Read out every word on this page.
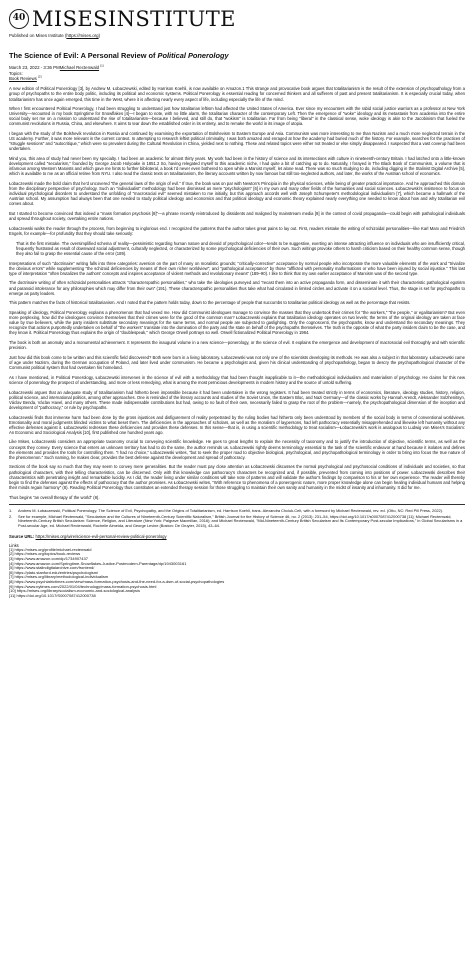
40 MISESINSTITUTE
Published on Mises Institute (https://mises.org)
The Science of Evil: A Personal Review of Political Ponerology
March 23, 2022 - 3:36 PMMichael Rectenwald [1]
Topics:
Book Reviews [2]

A new edition of Political Ponerology [3], by Andrew M. Łobaczewski, edited by Harrison Koehli, is now available on Amazon.1 This strange and provocative book argues that totalitarianism is the result of the extension of psychopathology from a group of psychopaths to the entire body politic, including its political and economic systems. Political Ponerology is essential reading for concerned thinkers and all sufferers of past and present totalitarianism. It is especially crucial today, when totalitarianism has once again emerged, this time in the West, where it is affecting nearly every aspect of life, including especially the life of the mind.

When I first encountered Political Ponerology, I had been struggling to understand just how totalitarian leftism had affected the United States of America. Ever since my encounters with the rabid social justice warriors as a professor at New York University—recounted in my book Springtime for Snowflakes [4]—I began to note, with no little alarm, the totalitarian character of the contemporary Left. Then the emergence of "woke" ideology and its metastasis from academia into the entire social body set me on a mission to understand the rise of totalitarianism—because I believed, and still do, that "wokism" is totalitarian. Far from being "liberal" in the classical sense, woke ideology is akin to the Jacobinism that fueled the communist revolutions in Russia, China, and elsewhere. It aims to tear down the established order in its entirety, and to remake the world in its image of utopia.

I began with the study of the Bolshevik revolution in Russia and continued by examining the exportation of Bolshevism to Eastern Europe and Asia. Communism was more interesting to me than Nazism and a much more neglected terrain in the US academy. Further, it was more relevant in the current context. In attempting to research leftist political criminality, I was both amazed and enraged at how the academy had buried much of the history. For example, searches for the practices of "struggle sessions" and "autocritique," which were so prevalent during the Cultural Revolution in China, yielded next to nothing. These and related topics were either not treated or else simply disappeared. I suspected that a vast coverup had been undertaken.

Mind you, this area of study had never been my specialty. I had been an academic for almost thirty years. My work had been in the history of science and its intersections with culture in nineteenth-century Britain. I had latched onto a little-known development called "secularism," founded by George Jacob Holyoake in 1851.2 So, having relegated myself to this academic niche, I had quite a bit of catching up to do. Naturally, I forayed in The Black Book of Communism, a volume that is infamous among Western Marxists and which gave me hints to further biblioteral, a book I'd never even bothered to open while a Marxist myself, let alone read. There was so much studying to do, including digging in the Stalinist Digital Archive [5], which is available to me as an official retiree from NYU. I also read the classic texts on totalitarianism, the literary accounts written by now famous but still too-neglected authors, and later, the works of the Austrian school of economics.

Łobaczewski made the bold claim that he'd uncovered "the general laws of the origin of evil." If true, the book was on par with Newton's Principia in the physical sciences, while being of greater practical importance. And he approached this domain from the disciplinary perspective of psychology. Such an "individualist" methodology had been dismissed as mere "psychologism" [6] in my own and many other fields of the humanities and social sciences. Łobaczewski's insistence to focus on individual psychological disorders to understand the unfolding of "macrosocial evil" seemed mistaken to me initially, but this approach accords well with Joseph Schumpeter's methodological individualism [7], which became a hallmark of the Austrian school. My assumption had always been that one needed to study political ideology and economics and that political ideology and economic theory explained nearly everything one needed to know about how and why totalitarian evil comes about.

But I started to become convinced that indeed a "mass formation psychosis [8]"—a phrase recently reintroduced by dissidents and maligned by mainstream media [9] in the context of covid propaganda—could begin with pathological individuals and spread throughout society, overtaking entire nations.

Łobaczewski walks the reader through the process, from beginning to inglorious end. I recognized the patterns that the author takes great pains to lay out. First, readers mistake the writing of schizoidal personalities—like Karl Marx and Friedrich Engels, for example—for profundity that they should take seriously:

That is the first mistake. The oversimplified schema of reality—pessimistic regarding human nature and devoid of psychological color—tends to be suggestive, exerting an intense attracting influence on individuals who are insufficiently critical, frequently frustrated as result of downward social adjustment, culturally neglected, or characterized by some psychological deficiencies of their own. Such writings provoke others to harsh criticism based on their healthy common sense, though they also fail to grasp the essential cause of the error (189).

Interpretations of such "doctrinaire" writing falls into three categories: aversion on the part of many on moralistic grounds; "critically-corrective" acceptance by normal people who incorporate the more valuable elements of the work and "trivialize the obvious errors" while supplementing "the schizoid deficiencies by means of their own richer worldview"; and "pathological acceptance" by those "afflicted with personality malformations or who have been injured by social injustice." This last type of interpretation "often brutalizes the authors' concepts and inspires acceptance of violent methods and revolutionary means" (189–90). I like to think that my own earlier acceptance of Marxism was of the second type.

The doctrinaire writing of often schizoidal personalities attracts "characteropathic personalities," who take the ideologies purveyed and "recast them into an active propaganda form, and disseminate it with their characteristic pathological egotism and paranoid intolerance for any philosophies which may differ from their own" (191). These characteropathic personalities thus take what had circulated in limited circles and activate it on a societal level. Thus, the stage is set for psychopaths to emerge as party leaders.

This pattern matches the facts of historical totalitarianism. And I noted that the pattern holds today, down to the percentage of people that succumbs to totalitarian political ideology as well as the percentage that resists.

Speaking of ideology, Political Ponerology explains a phenomenon that had vexed me. How did Communist ideologues manage to convince the masses that they undertook their crimes for "the workers," "the people," or egalitarianism? But even more perplexing, how did the ideologues convince themselves that their crimes were for the good of the common man? Łobaczewski explains that totalitarian ideology operates on two levels; the terms of the original ideology are taken at face value by true believers, while the party insiders substitute secondary meanings for the same terms, and normal people are subjected to gaslighting. Only the cognoscenti, the psychopaths, know and understand the secondary meanings. They recognize that actions purportedly undertaken on behalf of "the workers" translate into the domination of the party and the state on behalf of the psychopaths themselves. The truth is the opposite of what the party insiders claim to be the case, and they know it. Political Ponerology thus explains the origin of "doublespeak," which George Orwell portrays so well. Orwell fictionalized Political Ponerology in 1984.

The book is both an anomaly and a monumental achievement. It represents the inaugural volume in a new science—ponerology, or the science of evil. It explains the emergence and development of macrosocial evil thoroughly and with scientific precision.

Just how did this book come to be written and this scientific field discovered? Both were born in a living laboratory. Łobaczewski was not only one of the scientists developing its methods. He was also a subject in that laboratory. Łobaczewski came of age under Nazism, during the German occupation of Poland, and later lived under communism. He became a psychologist and, given his clinical understanding of psychopathology, began to descry the psychopathological character of the Communist political system that had overtaken his homeland.

As I have mentioned, in Political Ponerology, Łobaczewski intervenes in the science of evil with a methodology that had been thought inapplicable to it—the methodological individualism and materialism of psychology. He claims for this new science of ponerology the prospect of understanding, and more or less remedying, what is among the most pernicious developments in modern history and the source of untold suffering.

Łobaczewski argues that an adequate study of totalitarianism had hitherto been impossible because it had been undertaken in the wrong registers. It had been treated strictly in terms of economics, literature, ideology studies, history, religion, political science, and international politics, among other approaches. One is reminded of the literary accounts and studies of the Soviet Union, the Eastern Bloc, and Nazi Germany—of the classic works by Hannah Arendt, Aleksander Solzhenitsyn, Václav Benda, Václav Havel, and many others. These made indispensable contributions but had, owing to no fault of their own, necessarily failed to grasp the root of the problem—namely, the psychopathological dimension of the inception and development of "pathocracy," or rule by psychopaths.

Łobaczewski finds that immense harm had been done by the gross injustices and disfigurement of reality perpetrated by the ruling bodies had hitherto only been understood by members of the social body in terms of conventional worldviews. Emotionality and moral judgments blinded victims to what beset them. The deficiencies in the approaches of scholars, as well as the moralism of laypersons, had left pathocracy essentially misapprehended and likewise left humanity without any effective defenses against it. Łobaczewski redresses these deficiencies and provides these defenses. In this sense—that is, in using a scientific methodology to treat socialism—Łobaczewski's work is analogous to Ludwig von Mises's Socialism: An Economic and Sociological Analysis [10], first published one hundred years ago.

Like Mises, Łobaczewski considers an appropriate taxonomy crucial to conveying scientific knowledge. He goes to great lengths to explain the necessity of taxonomy and to justify the introduction of objective, scientific terms, as well as the concepts they convey. Every science that enters an unknown territory has had to do the same, the author reminds us. Łobaczewski rightly deems terminology essential to the task of the scientific endeavor at hand because it isolates and defines the elements and provides the tools for controlling them. "I had no choice," Łobaczewski writes, "but to seek the proper road to objective biological, psychological, and psychopathological terminology in order to bring into focus the true nature of the phenomenon." Such naming, he makes clear, provides the best defense against the development and spread of pathocracy.

Sections of the book say so much that they may seem to convey mere generalities. But the reader must pay close attention as Łobaczewski discusses the normal psychological and psychosocial conditions of individuals and societies, so that pathological characters, with their telling characteristics, can be discerned. Only with this knowledge can pathocracy's characters be recognized and, if possible, prevented from coming into positions of power. Łobaczewski describes their characteristics with penetrating insight and remarkable lucidity. As I did, the reader living under similar conditions will take note of patterns and will validate the author's findings by comparison to his or her own experience. The reader will thereby begin to find the defenses against the effects of pathocracy that the author promises. As Łobaczewski writes, "With reference to phenomena of a ponerogenic nature, more proper knowledge alone can begin healing individual humans and helping their minds regain harmony" (8). Reading Political Ponerology thus constitutes an extended therapy session for those struggling to maintain their own sanity and humanity in the midst of insanity and inhumanity. It did for me.

Thus begins "an overall therapy of the world" (8).

1.	Andrew M. Łobaczewski, Political Ponerology: The Science of Evil, Psychopathy, and the Origins of Totalitarianism, ed. Harrison Koehli, trans. Alexandra Chciuk-Celt, with a foreword by Michael Rectenwald, rev. ed. (Otto, NC: Red Pill Press, 2022).
2.	See for example, Michael Rectenwald, "Secularism and the Cultures of Nineteenth-Century Scientific Naturalism," British Journal for the History of Science 46, no. 2 (2013): 231–54, https://doi.org/10.1017/s0007087412000738 [11]; Michael Rectenwald, Nineteenth-Century British Secularism: Science, Religion, and Literature (New York: Palgrave Macmillan, 2016); and Michael Rectenwald, "Mid-Nineteenth-Century British Secularism and Its Contemporary Post-secular Implications," in Global Secularisms in a Post-secular Age, ed. Michael Rectenwald, Rochelle Almeida, and George Levine (Boston: De Gruyter, 2015), 43–64.
Source URL: https://mises.org/wire/science-evil-personal-review-political-ponerology
Links
[1] https://mises.org/profile/michael-rectenwald
[2] https://mises.org/topics/book-reviews
[3] https://www.amazon.com/dp/1734907437
[4] https://www.amazon.com/Springtime-Snowflakes-Justice-Postmodern-Parentage/dp/1943003161
[5] https://www.stalindigitalarchive.com/frontend/
[6] https://plato.stanford.edu/entries/psychologism/
[7] https://mises.org/library/methodological-individualism
[8] https://www.psychiatrictimes.com/view/mass-formation-psychosis-and-the-need-for-a-dsm-of-social-psychopathologies
[9] https://www.nytimes.com/2022/01/04/technology/mass-formation-psychosis.html
[10] https://mises.org/library/socialism-economic-and-sociological-analysis
[11] https://doi.org/10.1017/S0007087412000738
